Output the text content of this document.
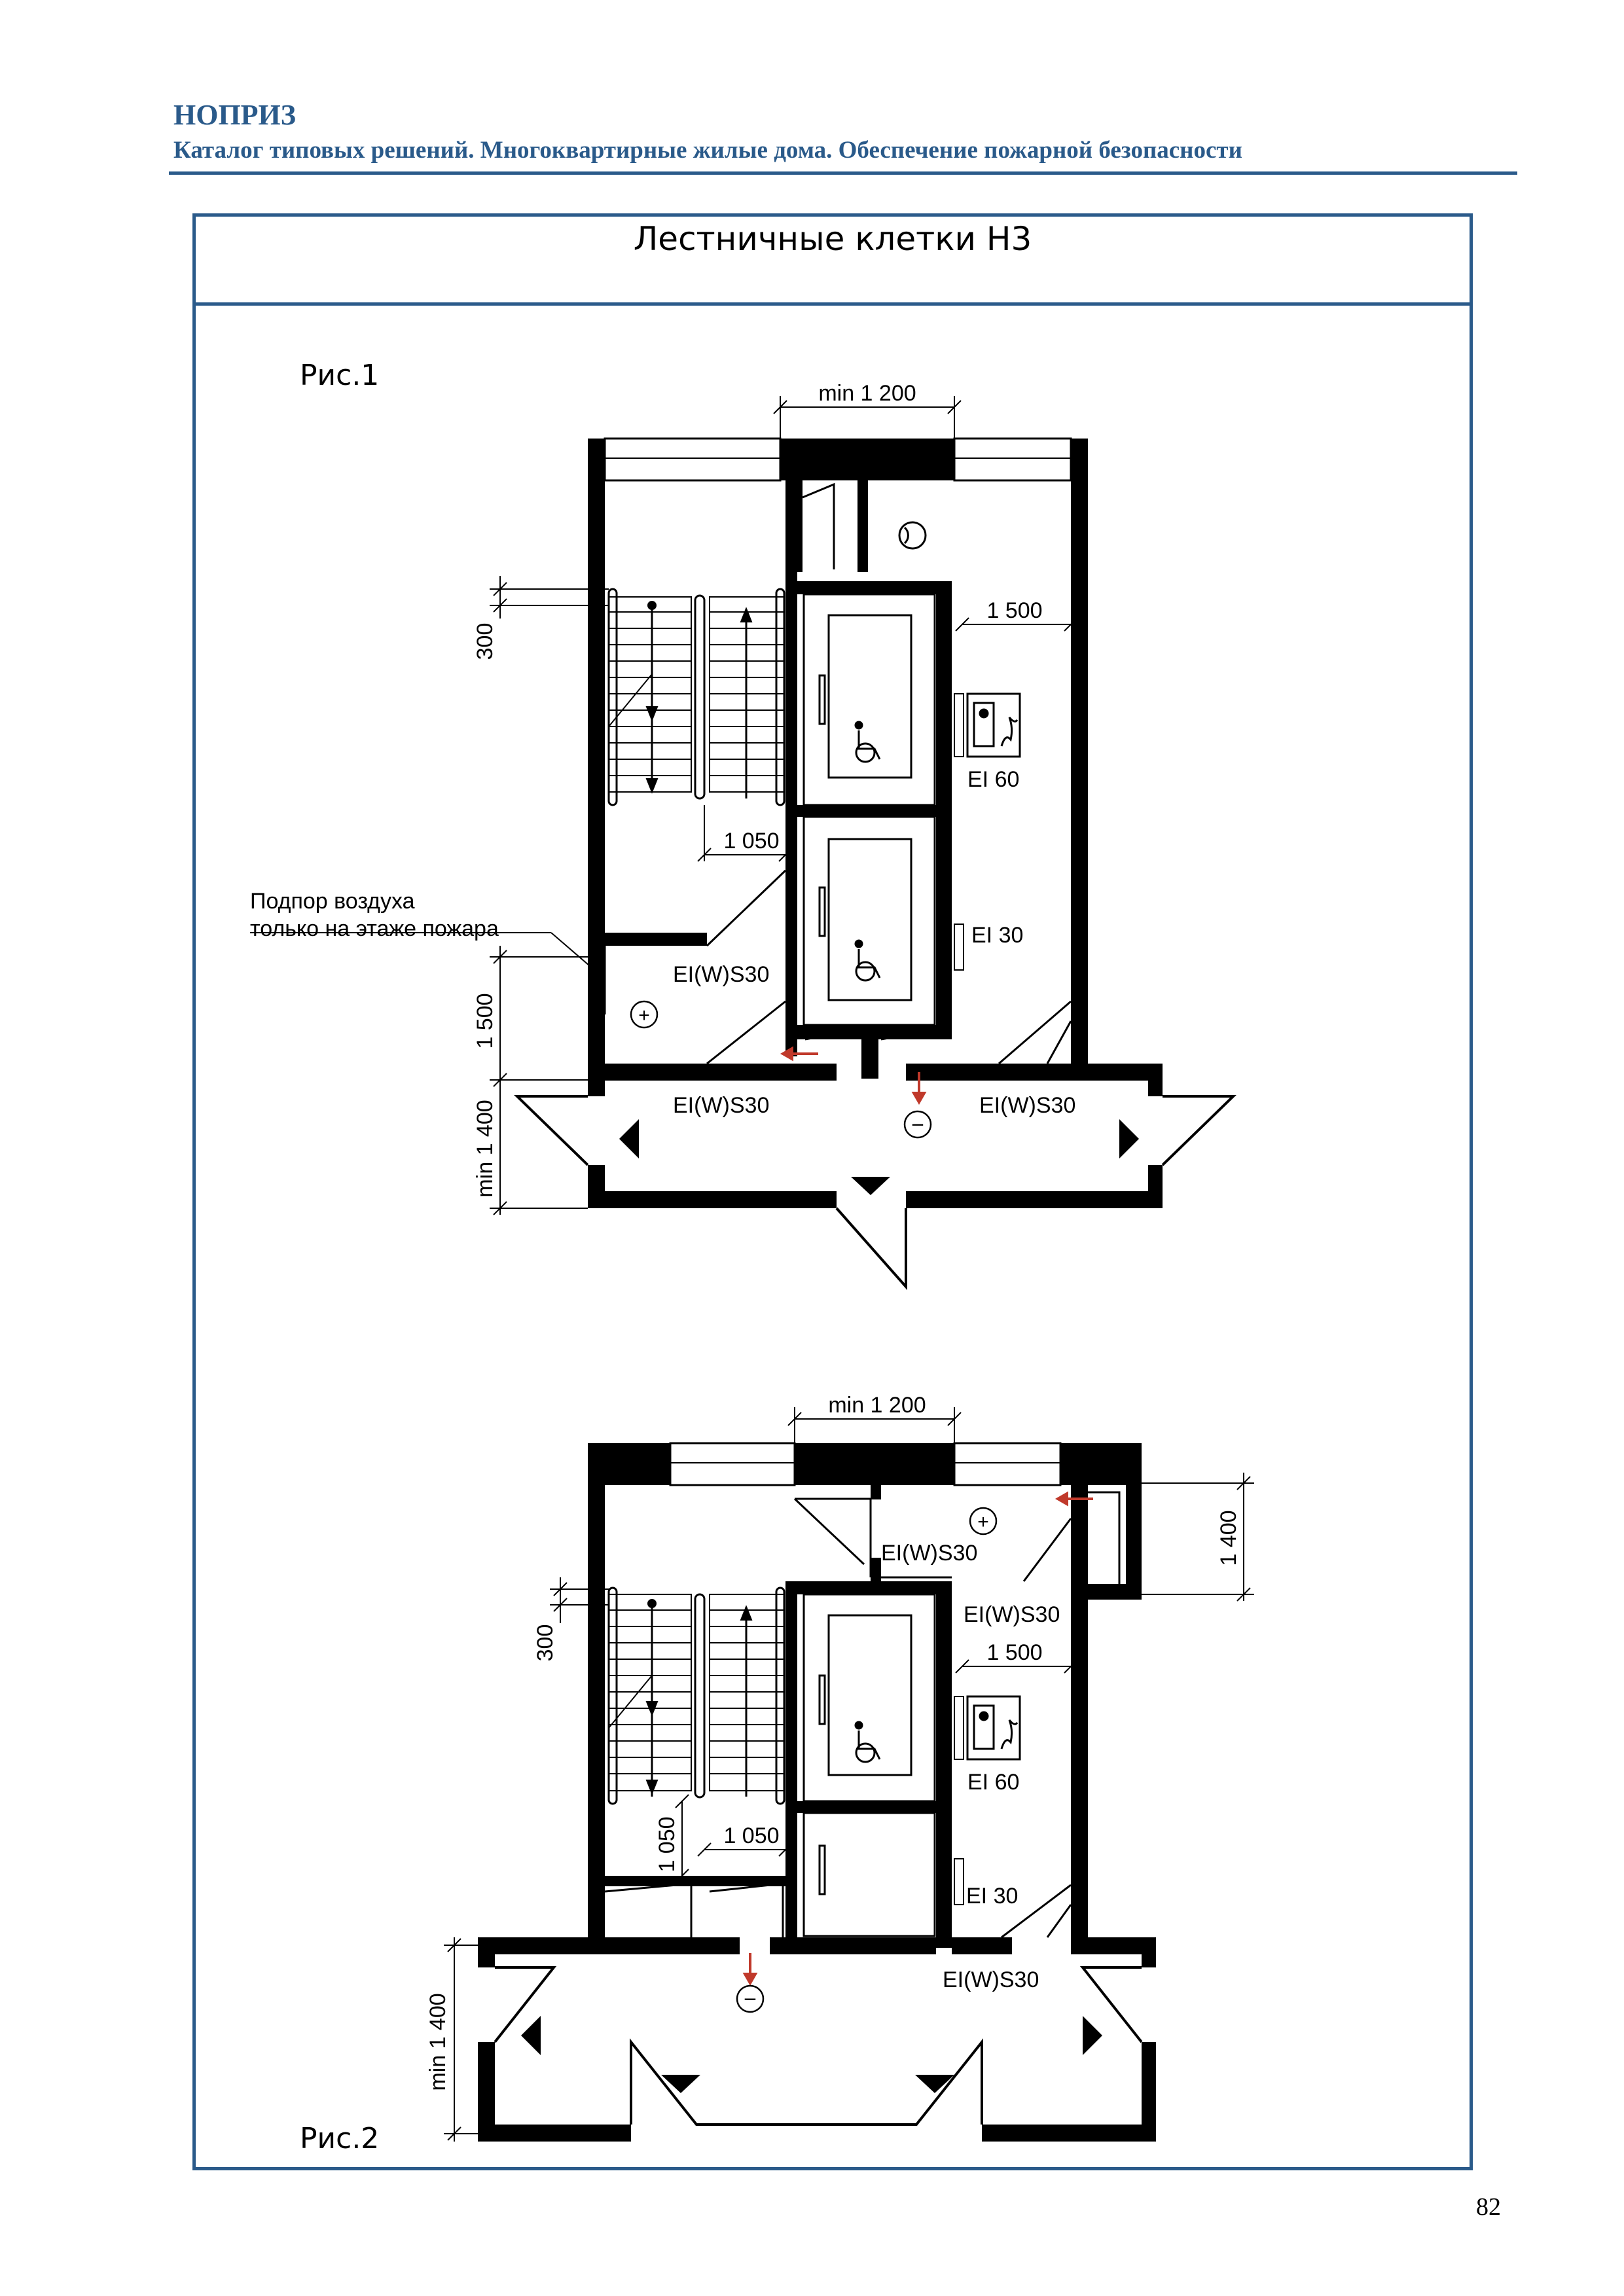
НОПРИЗ
Каталог типовых решений. Многоквартирные жилые дома. Обеспечение пожарной безопасности
Лестничные клетки Н3
Рис.1
Рис.2
+
−
min 1 200
1 500
1 050
300
1 500
min 1 400
Подпор воздуха
только на этаже пожара
EI(W)S30
EI(W)S30	EI(W)S30
EI 60
EI 30
+
−
min 1 200
1 500
1 050
1 050
300
1 400
min 1 400
EI(W)S30
EI(W)S30
EI(W)S30
EI 60
EI 30
82
